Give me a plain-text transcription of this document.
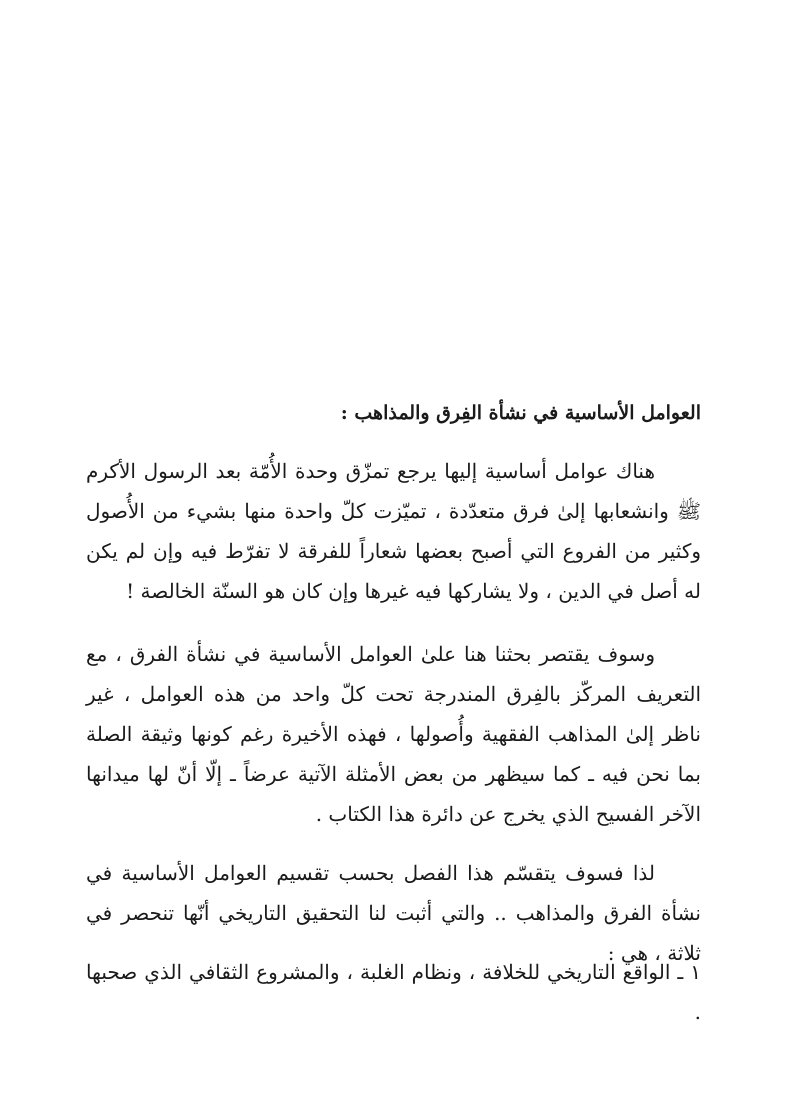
العوامل الأساسية في نشأة الفِرق والمذاهب :
هناك عوامل أساسية إليها يرجع تمزّق وحدة الأُمّة بعد الرسول الأكرم ﷺ وانشعابها إلىٰ فرق متعدّدة ، تميّزت كلّ واحدة منها بشيء من الأُصول وكثير من الفروع التي أصبح بعضها شعاراً للفرقة لا تفرّط فيه وإن لم يكن له أصل في الدين ، ولا يشاركها فيه غيرها وإن كان هو السنّة الخالصة !
وسوف يقتصر بحثنا هنا علىٰ العوامل الأساسية في نشأة الفرق ، مع التعريف المركّز بالفِرق المندرجة تحت كلّ واحد من هذه العوامل ، غير ناظر إلىٰ المذاهب الفقهية وأُصولها ، فهذه الأخيرة رغم كونها وثيقة الصلة بما نحن فيه ـ كما سيظهر من بعض الأمثلة الآتية عرضاً ـ إلّا أنّ لها ميدانها الآخر الفسيح الذي يخرج عن دائرة هذا الكتاب .
لذا فسوف يتقسّم هذا الفصل بحسب تقسيم العوامل الأساسية في نشأة الفرق والمذاهب .. والتي أثبت لنا التحقيق التاريخي أنّها تنحصر في ثلاثة ، هي :
١ ـ الواقع التاريخي للخلافة ، ونظام الغلبة ، والمشروع الثقافي الذي صحبها .
